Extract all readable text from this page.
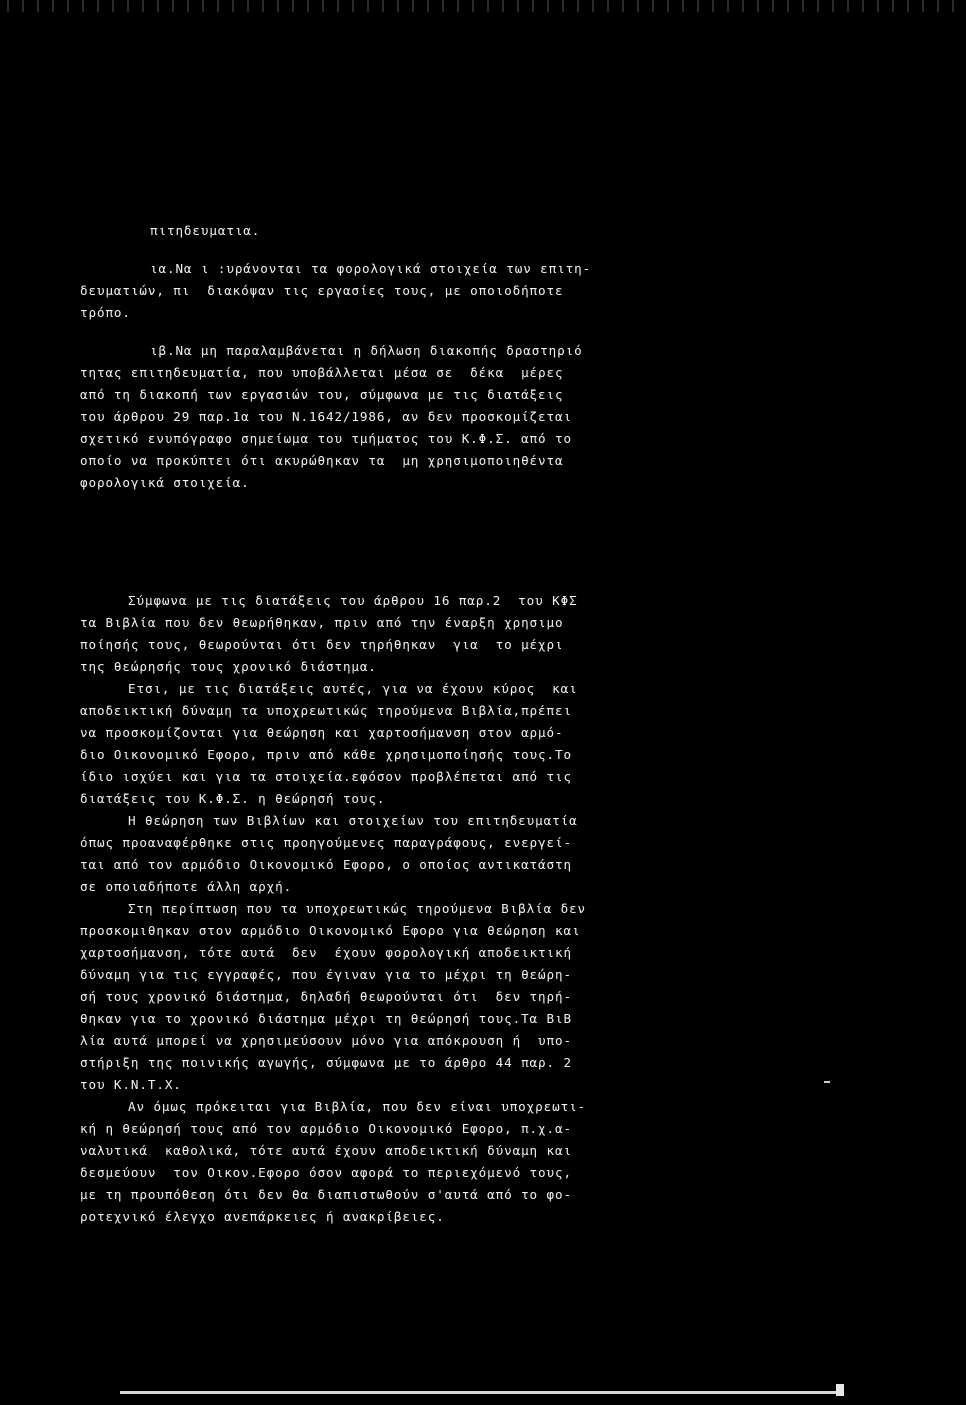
πιτηδευματια.
ια.Να ι :υράνονται τα φορολογικά στοιχεία των επιτη-
δευματιών, πι  διακόψαν τις εργασίες τους, με οποιοδήποτε
τρόπο.
ιβ.Να μη παραλαμβάνεται η δήλωση διακοπής δραστηριό
τητας επιτηδευματία, που υποβάλλεται μέσα σε  δέκα  μέρες
από τη διακοπή των εργασιών του, σύμφωνα με τις διατάξεις
του άρθρου 29 παρ.1α του Ν.1642/1986, αν δεν προσκομίζεται
σχετικό ενυπόγραφο σημείωμα του τμήματος του Κ.Φ.Σ. από το
οποίο να προκύπτει ότι ακυρώθηκαν τα  μη χρησιμοποιηθέντα
φορολογικά στοιχεία.
Σύμφωνα με τις διατάξεις του άρθρου 16 παρ.2  του ΚΦΣ
τα Βιβλία που δεν θεωρήθηκαν, πριν από την έναρξη χρησιμο
ποίησής τους, θεωρούνται ότι δεν τηρήθηκαν  για  το μέχρι
της θεώρησής τους χρονικό διάστημα.
Ετσι, με τις διατάξεις αυτές, για να έχουν κύρος  και
αποδεικτική δύναμη τα υποχρεωτικώς τηρούμενα Βιβλία,πρέπει
να προσκομίζονται για θεώρηση και χαρτοσήμανση στον αρμό-
διο Οικονομικό Εφορο, πριν από κάθε χρησιμοποίησής τους.Το
ίδιο ισχύει και για τα στοιχεία.εφόσον προβλέπεται από τις
διατάξεις του Κ.Φ.Σ. η θεώρησή τους.
Η θεώρηση των Βιβλίων και στοιχείων του επιτηδευματία
όπως προαναφέρθηκε στις προηγούμενες παραγράφους, ενεργεί-
ται από τον αρμόδιο Οικονομικό Εφορο, ο οποίος αντικατάστη
σε οποιαδήποτε άλλη αρχή.
Στη περίπτωση που τα υποχρεωτικώς τηρούμενα Βιβλία δεν
προσκομιθηκαν στον αρμόδιο Οικονομικό Εφορο για θεώρηση και
χαρτοσήμανση, τότε αυτά  δεν  έχουν φορολογική αποδεικτική
δύναμη για τις εγγραφές, που έγιναν για το μέχρι τη θεώρη-
σή τους χρονικό διάστημα, δηλαδή θεωρούνται ότι  δεν τηρή-
θηκαν για το χρονικό διάστημα μέχρι τη θεώρησή τους.Τα ΒιΒ
λία αυτά μπορεί να χρησιμεύσουν μόνο για απόκρουση ή  υπο-
στήριξη της ποινικής αγωγής, σύμφωνα με το άρθρο 44 παρ. 2
του Κ.Ν.Τ.Χ.
Αν όμως πρόκειται για Βιβλία, που δεν είναι υποχρεωτι-
κή η θεώρησή τους από τον αρμόδιο Οικονομικό Εφορο, π.χ.α-
ναλυτικά  καθολικά, τότε αυτά έχουν αποδεικτική δύναμη και
δεσμεύουν  τον Οικον.Εφορο όσον αφορά το περιεχόμενό τους,
με τη προυπόθεση ότι δεν θα διαπιστωθούν σ'αυτά από το φο-
ροτεχνικό έλεγχο ανεπάρκειες ή ανακρίβειες.
